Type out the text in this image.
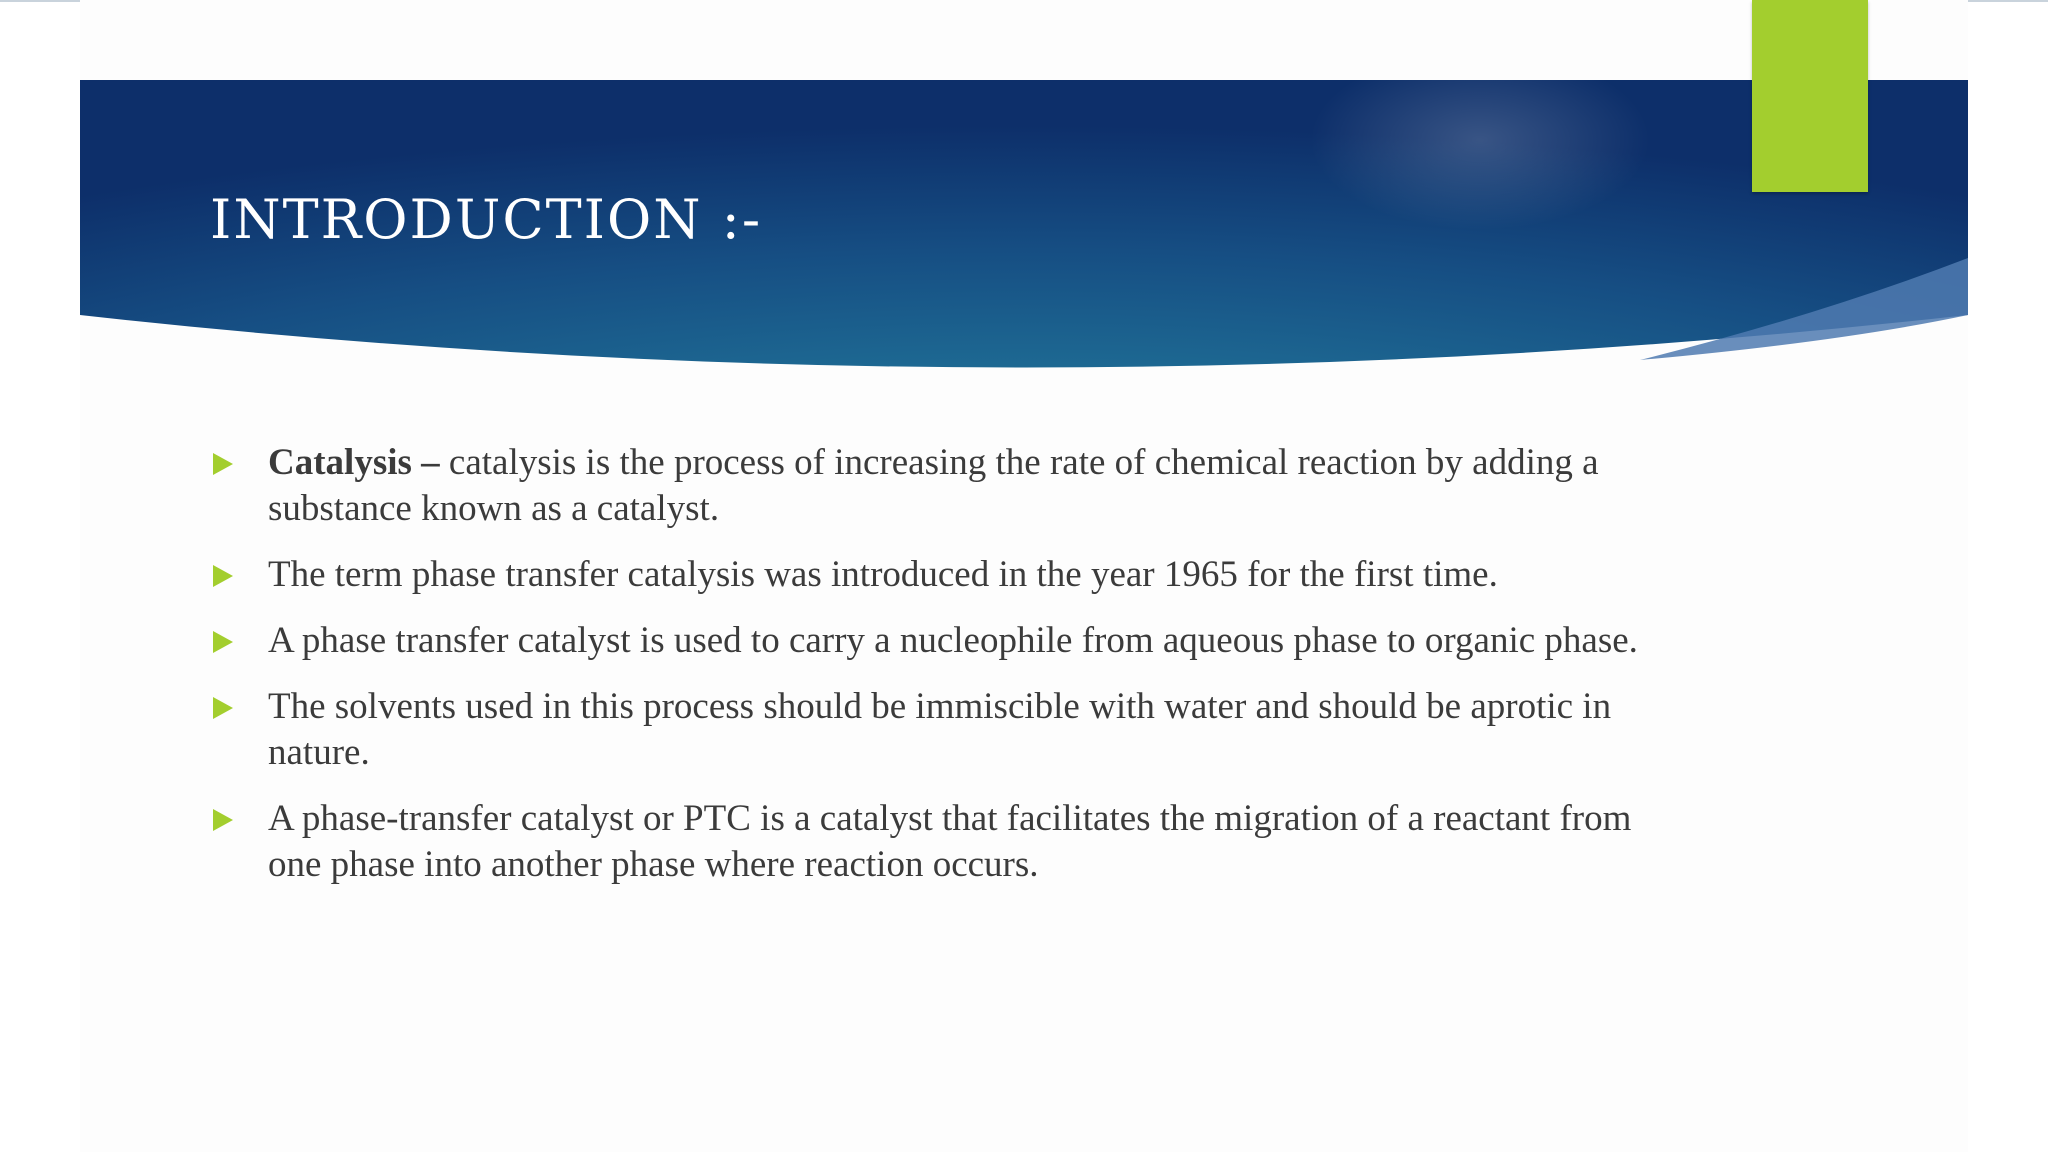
INTRODUCTION :-
Catalysis – catalysis is the process of increasing the rate of chemical reaction by adding a substance known as a catalyst.
The term phase transfer catalysis was introduced in the year 1965 for the first time.
A phase transfer catalyst is used to carry a nucleophile from aqueous phase to organic phase.
The solvents used in this process should be immiscible with water and should be aprotic in nature.
A phase-transfer catalyst or PTC is a catalyst that facilitates the migration of a reactant from one phase into another phase where reaction occurs.
